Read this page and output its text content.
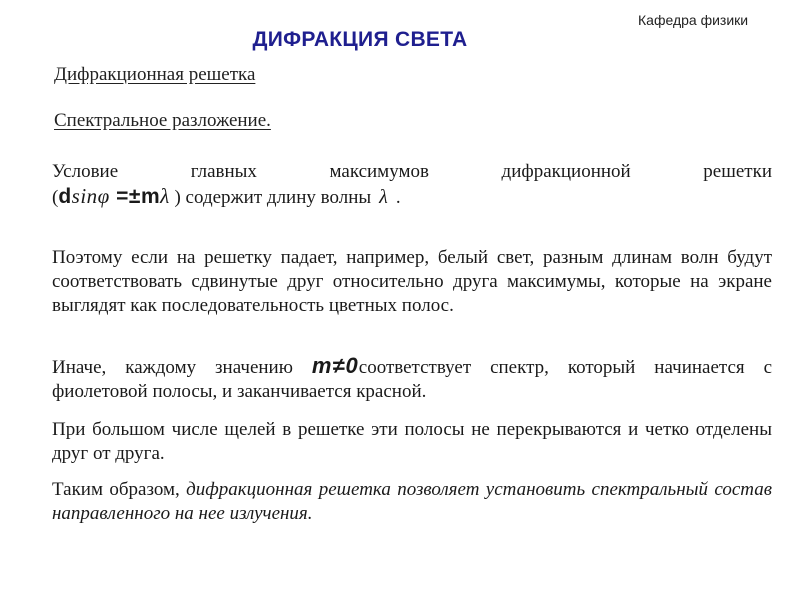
Кафедра физики
ДИФРАКЦИЯ СВЕТА
Дифракционная решетка
Спектральное разложение.
Условие главных максимумов дифракционной решетки
(dsinφ =±mλ ) содержит длину волны λ .
Поэтому если на решетку падает, например, белый свет, разным длинам волн будут соответствовать сдвинутые друг относительно друга максимумы, которые на экране выглядят как последовательность цветных полос.
Иначе, каждому значению m≠0соответствует спектр, который начинается с фиолетовой полосы, и заканчивается красной.
При большом числе щелей в решетке эти полосы не перекрываются и четко отделены друг от друга.
Таким образом, дифракционная решетка позволяет установить спектральный состав направленного на нее излучения.
